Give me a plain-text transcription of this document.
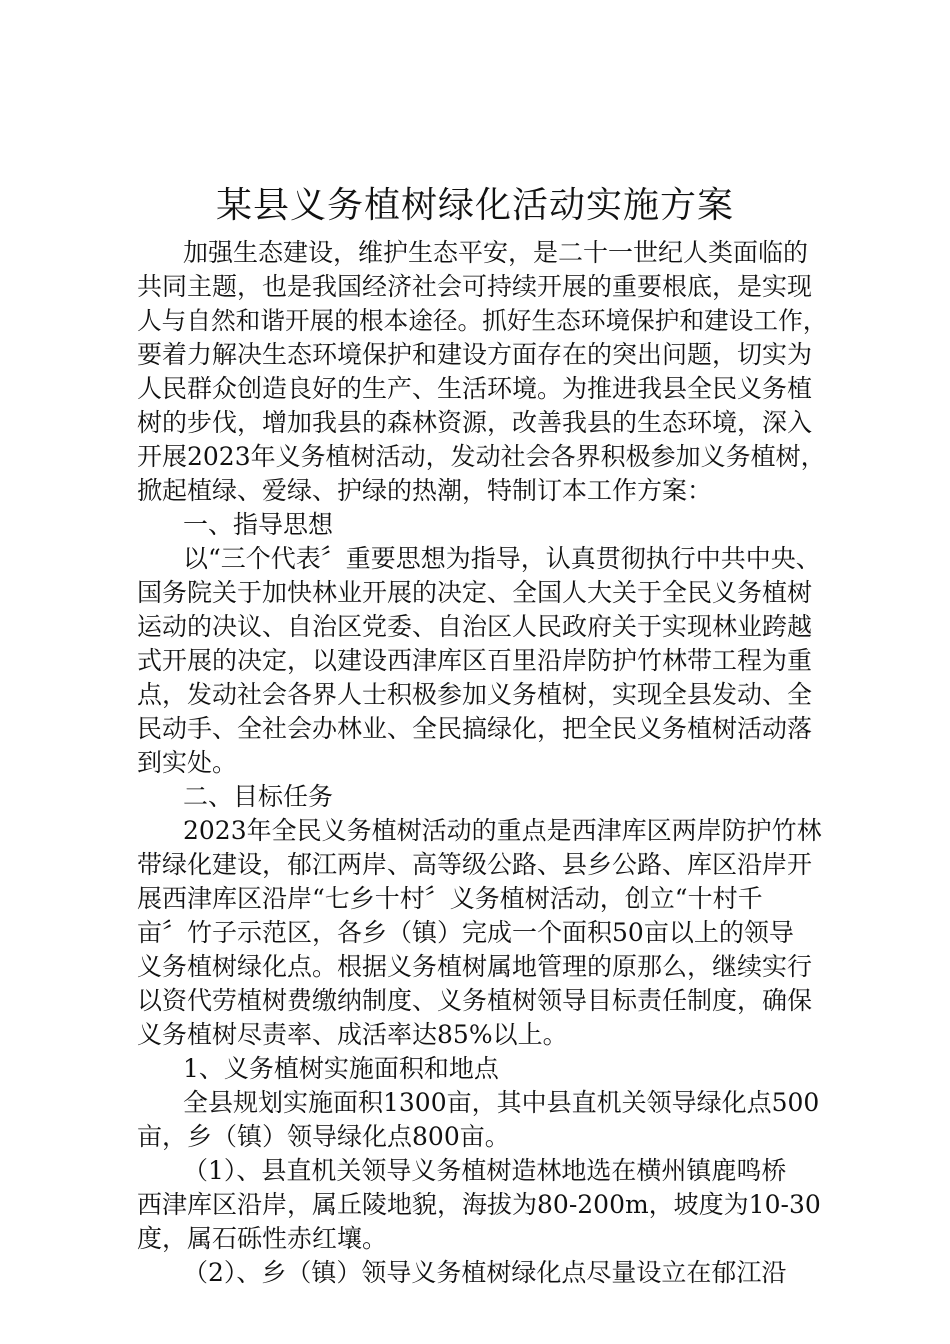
某县义务植树绿化活动实施方案
加强生态建设，维护生态平安，是二十一世纪人类面临的
共同主题，也是我国经济社会可持续开展的重要根底，是实现
人与自然和谐开展的根本途径。抓好生态环境保护和建设工作，
要着力解决生态环境保护和建设方面存在的突出问题，切实为
人民群众创造良好的生产、生活环境。为推进我县全民义务植
树的步伐，增加我县的森林资源，改善我县的生态环境，深入
开展2023年义务植树活动，发动社会各界积极参加义务植树，
掀起植绿、爱绿、护绿的热潮，特制订本工作方案：
一、指导思想
以“三个代表〞重要思想为指导，认真贯彻执行中共中央、
国务院关于加快林业开展的决定、全国人大关于全民义务植树
运动的决议、自治区党委、自治区人民政府关于实现林业跨越
式开展的决定，以建设西津库区百里沿岸防护竹林带工程为重
点，发动社会各界人士积极参加义务植树，实现全县发动、全
民动手、全社会办林业、全民搞绿化，把全民义务植树活动落
到实处。
二、目标任务
2023年全民义务植树活动的重点是西津库区两岸防护竹林
带绿化建设，郁江两岸、高等级公路、县乡公路、库区沿岸开
展西津库区沿岸“七乡十村〞义务植树活动，创立“十村千
亩〞竹子示范区，各乡（镇）完成一个面积50亩以上的领导
义务植树绿化点。根据义务植树属地管理的原那么，继续实行
以资代劳植树费缴纳制度、义务植树领导目标责任制度，确保
义务植树尽责率、成活率达85%以上。
1、义务植树实施面积和地点
全县规划实施面积1300亩，其中县直机关领导绿化点500
亩，乡（镇）领导绿化点800亩。
（1）、县直机关领导义务植树造林地选在横州镇鹿鸣桥
西津库区沿岸，属丘陵地貌，海拔为80-200m，坡度为10-30
度，属石砾性赤红壤。
（2）、乡（镇）领导义务植树绿化点尽量设立在郁江沿
